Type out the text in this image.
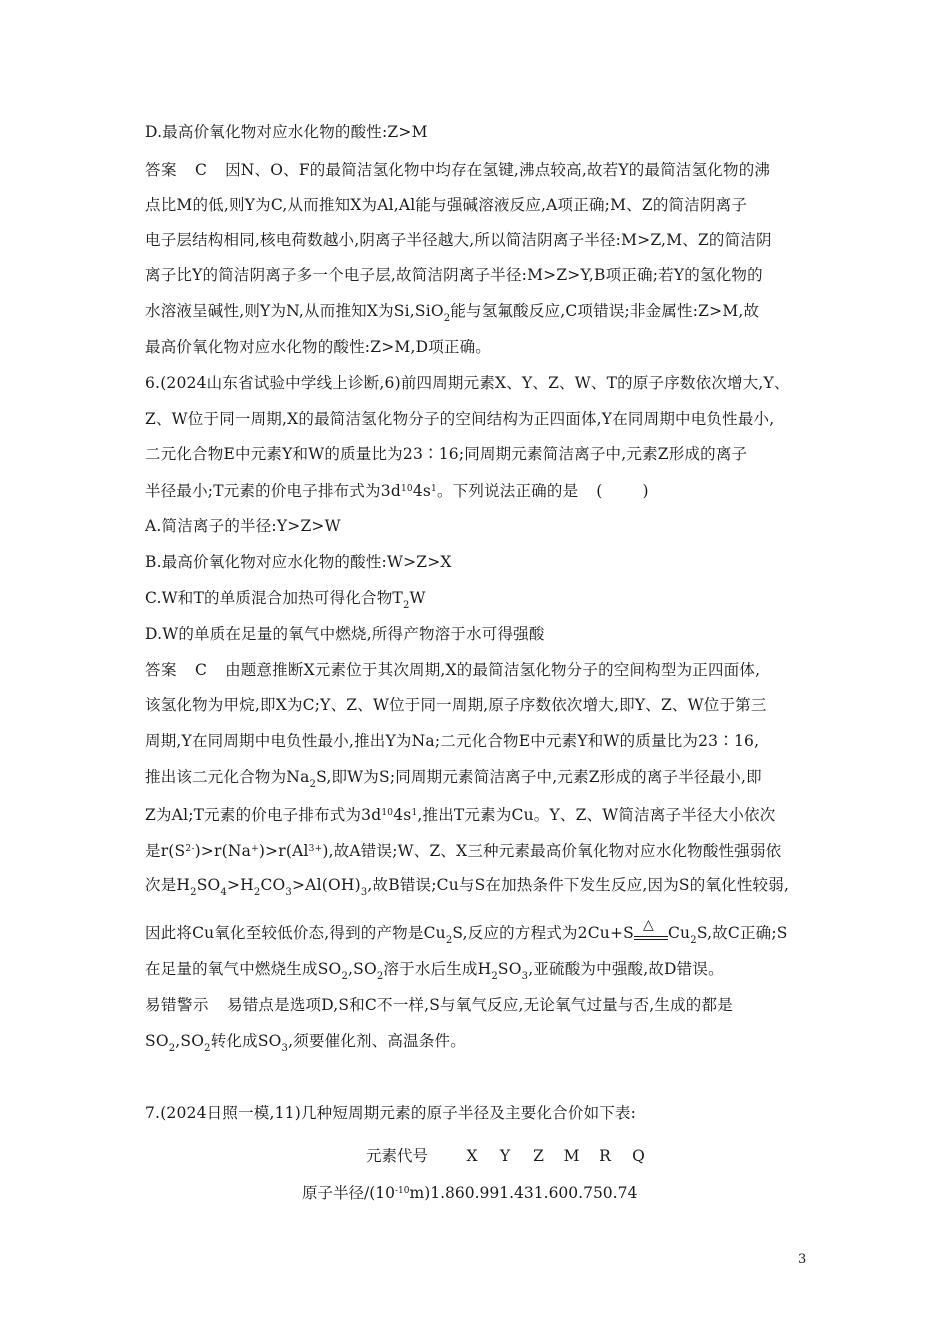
D.最高价氧化物对应水化物的酸性:Z>M
答案 C 因N、O、F的最简洁氢化物中均存在氢键,沸点较高,故若Y的最简洁氢化物的沸
点比M的低,则Y为C,从而推知X为Al,Al能与强碱溶液反应,A项正确;M、Z的简洁阴离子
电子层结构相同,核电荷数越小,阴离子半径越大,所以简洁阴离子半径:M>Z,M、Z的简洁阴
离子比Y的简洁阴离子多一个电子层,故简洁阴离子半径:M>Z>Y,B项正确;若Y的氢化物的
水溶液呈碱性,则Y为N,从而推知X为Si,SiO$_2$能与氢氟酸反应,C项错误;非金属性:Z>M,故
最高价氧化物对应水化物的酸性:Z>M,D项正确。
6.(2024山东省试验中学线上诊断,6)前四周期元素X、Y、Z、W、T的原子序数依次增大,Y、
Z、W位于同一周期,X的最简洁氢化物分子的空间结构为正四面体,Y在同周期中电负性最小,
二元化合物E中元素Y和W的质量比为23∶16;同周期元素简洁离子中,元素Z形成的离子
半径最小;T元素的价电子排布式为$3d^{10}4s^1$。下列说法正确的是 (	)
A.简洁离子的半径:Y>Z>W
B.最高价氧化物对应水化物的酸性:W>Z>X
C.W和T的单质混合加热可得化合物$T_2W$
D.W的单质在足量的氧气中燃烧,所得产物溶于水可得强酸
答案 C 由题意推断X元素位于其次周期,X的最简洁氢化物分子的空间构型为正四面体,
该氢化物为甲烷,即X为C;Y、Z、W位于同一周期,原子序数依次增大,即Y、Z、W位于第三
周期,Y在同周期中电负性最小,推出Y为Na;二元化合物E中元素Y和W的质量比为23∶16,
推出该二元化合物为$Na_2S$,即W为S;同周期元素简洁离子中,元素Z形成的离子半径最小,即
Z为Al;T元素的价电子排布式为$3d^{10}4s^1$,推出T元素为Cu。Y、Z、W简洁离子半径大小依次
是$r(S^{2-})>r(Na^+)>r(Al^{3+})$,故A错误;W、Z、X三种元素最高价氧化物对应水化物酸性强弱依
次是$H_2SO_4>H_2CO_3>Al(OH)_3$,故B错误;Cu与S在加热条件下发生反应,因为S的氧化性较弱,
因此将Cu氧化至较低价态,得到的产物是$Cu_2S$,反应的方程式为2Cu+S △ $Cu_2S$,故C正确;S
在足量的氧气中燃烧生成$SO_2,SO_2$溶于水后生成$H_2SO_3$,亚硫酸为中强酸,故D错误。
易错警示 易错点是选项D,S和C不一样,S与氧气反应,无论氧气过量与否,生成的都是
$SO_2,SO_2$转化成$SO_3$,须要催化剂、高温条件。
7.(2024日照一模,11)几种短周期元素的原子半径及主要化合价如下表:
元素代号 X Y Z M R Q
原子半径$/(10^{-10}m)1.860.991.431.600.750.74$
3
